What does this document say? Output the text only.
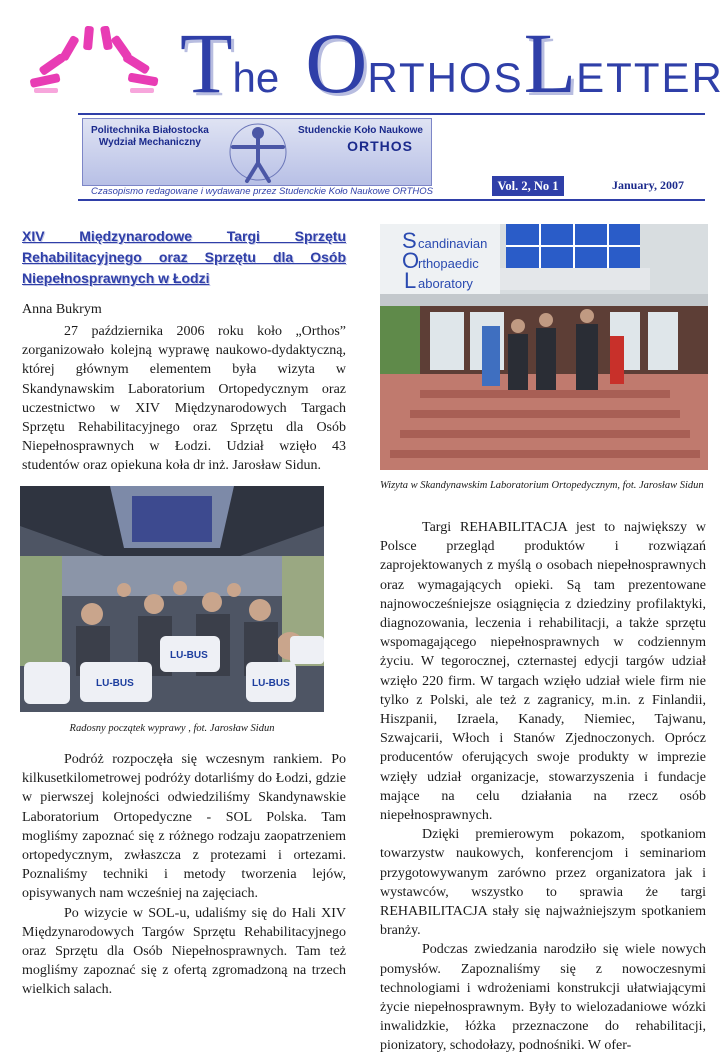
The ORTHOSLETTER
Politechnika Białostocka
Wydział Mechaniczny
Studenckie Koło Naukowe
ORTHOS
Czasopismo redagowane i wydawane przez Studenckie Koło Naukowe ORTHOS	Vol. 2, No 1	January, 2007
XIV Międzynarodowe Targi Sprzętu Rehabilitacyjnego oraz Sprzętu dla Osób Niepełnosprawnych w Łodzi
Anna Bukrym

27 października 2006 roku koło „Orthos” zorganizowało kolejną wyprawę naukowo-dydaktyczną, której głównym elementem była wizyta w Skandynawskim Laboratorium Ortopedycznym oraz uczestnictwo w XIV Międzynarodowych Targach Sprzętu Rehabilitacyjnego oraz Sprzętu dla Osób Niepełnosprawnych w Łodzi. Udział wzięło 43 studentów oraz opiekuna koła dr inż. Jarosław Sidun.

LU-BUS
LU-BUS
LU-BUS
Radosny początek wyprawy , fot. Jarosław Sidun

Podróż rozpoczęła się wczesnym rankiem. Po kilkusetkilometrowej podróży dotarliśmy do Łodzi, gdzie w pierwszej kolejności odwiedziliśmy Skandynawskie Laboratorium Ortopedyczne - SOL Polska. Tam mogliśmy zapoznać się z różnego rodzaju zaopatrzeniem ortopedycznym, zwłaszcza z protezami i ortezami. Poznaliśmy techniki i metody tworzenia lejów, opisywanych nam wcześniej na zajęciach.

Po wizycie w SOL-u, udaliśmy się do Hali XIV Międzynarodowych Targów Sprzętu Rehabilitacyjnego oraz Sprzętu dla Osób Niepełnosprawnych. Tam też mogliśmy zapoznać się z ofertą zgromadzoną na trzech wielkich salach.

S
O
L
candinavian
rthopaedic
aboratory
Wizyta w Skandynawskim Laboratorium Ortopedycznym, fot. Jarosław Sidun

Targi REHABILITACJA jest to największy w Polsce przegląd produktów i rozwiązań zaprojektowanych z myślą o osobach niepełnosprawnych oraz wymagających opieki. Są tam prezentowane najnowocześniejsze osiągnięcia z dziedziny profilaktyki, diagnozowania, leczenia i rehabilitacji, a także sprzętu wspomagającego niepełnosprawnych w codziennym życiu. W tegorocznej, czternastej edycji targów udział wzięło 220 firm. W targach wzięło udział wiele firm nie tylko z Polski, ale też z zagranicy, m.in. z Finlandii, Hiszpanii, Izraela, Kanady, Niemiec, Tajwanu, Szwajcarii, Włoch i Stanów Zjednoczonych. Oprócz producentów oferujących swoje produkty w imprezie wzięły udział organizacje, stowarzyszenia i fundacje mające na celu działania na rzecz osób niepełnosprawnych.

Dzięki premierowym pokazom, spotkaniom towarzystw naukowych, konferencjom i seminariom przygotowywanym zarówno przez organizatora jak i wystawców, wszystko to sprawia że targi REHABILITACJA stały się najważniejszym spotkaniem branży.

Podczas zwiedzania narodziło się wiele nowych pomysłów. Zapoznaliśmy się z nowoczesnymi technologiami i wdrożeniami konstrukcji ułatwiającymi życie niepełnosprawnym. Były to wielozadaniowe wózki inwalidzkie, łóżka przeznaczone do rehabilitacji, pionizatory, schodołazy, podnośniki. W ofer-
